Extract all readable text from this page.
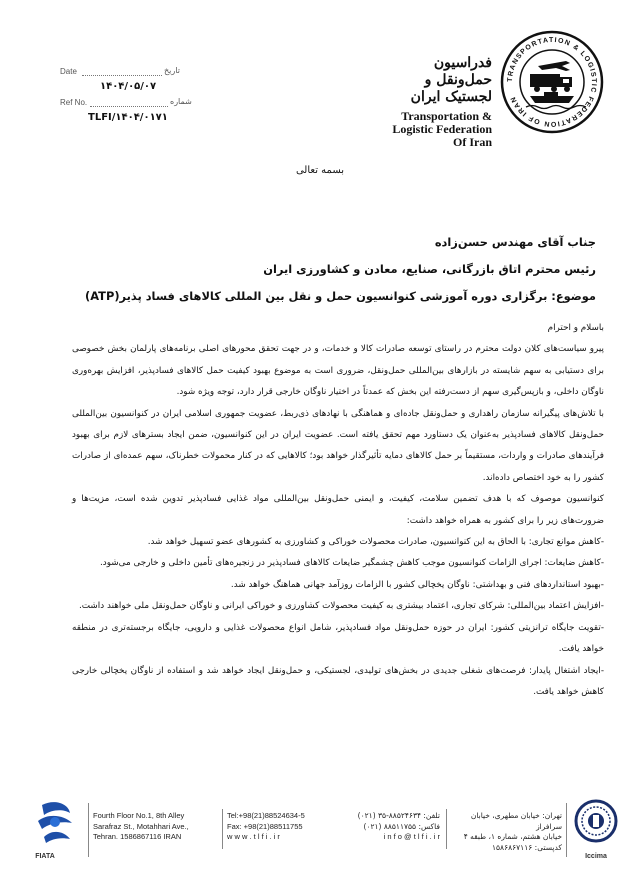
Date	تاریخ
۱۴۰۴/۰۵/۰۷
Ref No.	شماره
TLFI/۱۴۰۴/۰۱۷۱
فدراسیون حمل‌ونقل و
لجستیک ایران
Transportation &
Logistic Federation
Of Iran
TRANSPORTATION & LOGISTIC FEDERATION OF IRAN
بسمه تعالی
جناب آقای مهندس حسن‌زاده
رئیس محترم اتاق بازرگانی، صنایع، معادن و کشاورزی ایران
موضوع: برگزاری دوره آموزشی کنوانسیون حمل و نقل بین المللی کالاهای فساد پذیر(ATP)

باسلام و احترام

پیرو سیاست‌های کلان دولت محترم در راستای توسعه صادرات کالا و خدمات، و در جهت تحقق محورهای اصلی برنامه‌های پارلمان بخش خصوصی برای دستیابی به سهم شایسته در بازارهای بین‌المللی حمل‌ونقل، ضروری است به موضوع بهبود کیفیت حمل کالاهای فسادپذیر، افزایش بهره‌وری ناوگان داخلی، و بازپس‌گیری سهم از دست‌رفته این بخش که عمدتاً در اختیار ناوگان خارجی قرار دارد، توجه ویژه شود.

با تلاش‌های پیگیرانه سازمان راهداری و حمل‌ونقل جاده‌ای و هماهنگی با نهادهای ذی‌ربط، عضویت جمهوری اسلامی ایران در کنوانسیون بین‌المللی حمل‌ونقل کالاهای فسادپذیر به‌عنوان یک دستاورد مهم تحقق یافته است. عضویت ایران در این کنوانسیون، ضمن ایجاد بسترهای لازم برای بهبود فرآیندهای صادرات و واردات، مستقیماً بر حمل کالاهای دمایه تأثیرگذار خواهد بود؛ کالاهایی که در کنار محمولات خطرناک، سهم عمده‌ای از صادرات کشور را به خود اختصاص داده‌اند.

کنوانسیون موصوف که با هدف تضمین سلامت، کیفیت، و ایمنی حمل‌ونقل بین‌المللی مواد غذایی فسادپذیر تدوین شده است، مزیت‌ها و ضرورت‌های زیر را برای کشور به همراه خواهد داشت:

-کاهش موانع تجاری: با الحاق به این کنوانسیون، صادرات محصولات خوراکی و کشاورزی به کشورهای عضو تسهیل خواهد شد.

-کاهش ضایعات: اجرای الزامات کنوانسیون موجب کاهش چشمگیر ضایعات کالاهای فسادپذیر در زنجیره‌های تأمین داخلی و خارجی می‌شود.

-بهبود استانداردهای فنی و بهداشتی: ناوگان یخچالی کشور با الزامات روزآمد جهانی هماهنگ خواهد شد.

-افزایش اعتماد بین‌المللی: شرکای تجاری، اعتماد بیشتری به کیفیت محصولات کشاورزی و خوراکی ایرانی و ناوگان حمل‌ونقل ملی خواهند داشت.

-تقویت جایگاه ترانزیتی کشور: ایران در حوزه حمل‌ونقل مواد فسادپذیر، شامل انواع محصولات غذایی و دارویی، جایگاه برجسته‌تری در منطقه خواهد یافت.

-ایجاد اشتغال پایدار: فرصت‌های شغلی جدیدی در بخش‌های تولیدی، لجستیکی، و حمل‌ونقل ایجاد خواهد شد و استفاده از ناوگان یخچالی خارجی کاهش خواهد یافت.

FIATA
Fourth Floor No.1, 8th Alley
Sarafraz St., Motahhari Ave.,
Tehran. 1586867116 IRAN
Tel:+98(21)88524634-5
Fax: +98(21)88511755
w w w . t l f i . i r
تلفن: ۸۸۵۲۴۶۳۴-۳۵ (۰۲۱)
فاکس: ۸۸۵۱۱۷۵۵ (۰۲۱)
i n f o @ t l f i . i r
تهران: خیابان مطهری، خیابان سرافراز
خیابان هشتم، شماره ۱، طبقه ۴
کدپستی: ۱۵۸۶۸۶۷۱۱۶
Iccima
